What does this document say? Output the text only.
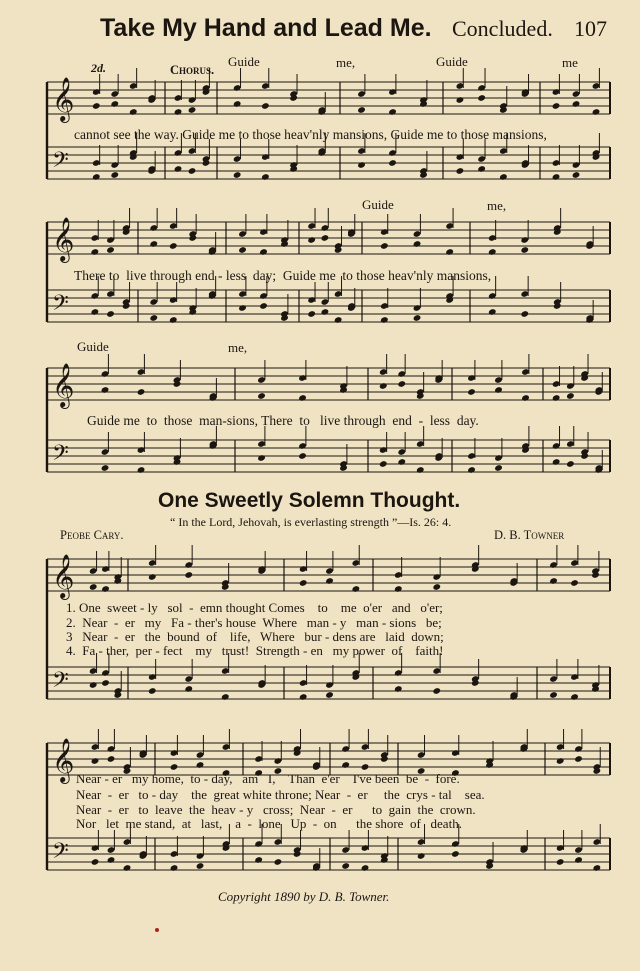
Take My Hand and Lead Me. Concluded. 107
𝄞
𝄢
𝄞
𝄢
𝄞
𝄢
𝄞
𝄢
𝄞
𝄢
2d.	Chorus.
Guide	me,	Guide	me
cannot see the way. Guide me to those heav'nly mansions, Guide me to those mansions,
Guide	me,
There to  live through end - less  day;  Guide me  to those heav'nly mansions,
Guide	me,
Guide me  to  those  man-sions, There  to   live through  end  -  less  day.
One Sweetly Solemn Thought.
“ In the Lord, Jehovah, is everlasting strength ”—Is. 26: 4.
Peobe Cary.	D. B. Towner
1. One  sweet - ly   sol  -  emn thought Comes    to    me  o'er   and   o'er;
2.  Near  -  er   my   Fa - ther's house  Where   man - y   man - sions   be;
3   Near  -  er   the  bound  of    life,   Where   bur - dens are   laid  down;
4.  Fa - ther,  per - fect    my   trust!  Strength - en   my power  of    faith!
Near - er   my home,  to - day,   am   I,    Than  e'er    I've been  be  -  fore.
Near  -  er   to - day    the  great white throne; Near  -  er     the  crys - tal    sea.
Near  -  er   to  leave  the  heav - y   cross;  Near  -  er      to  gain  the  crown.
Nor   let  me stand,  at   last,    a  -  lone   Up  -  on      the shore  of   death.
Copyright 1890 by D. B. Towner.
